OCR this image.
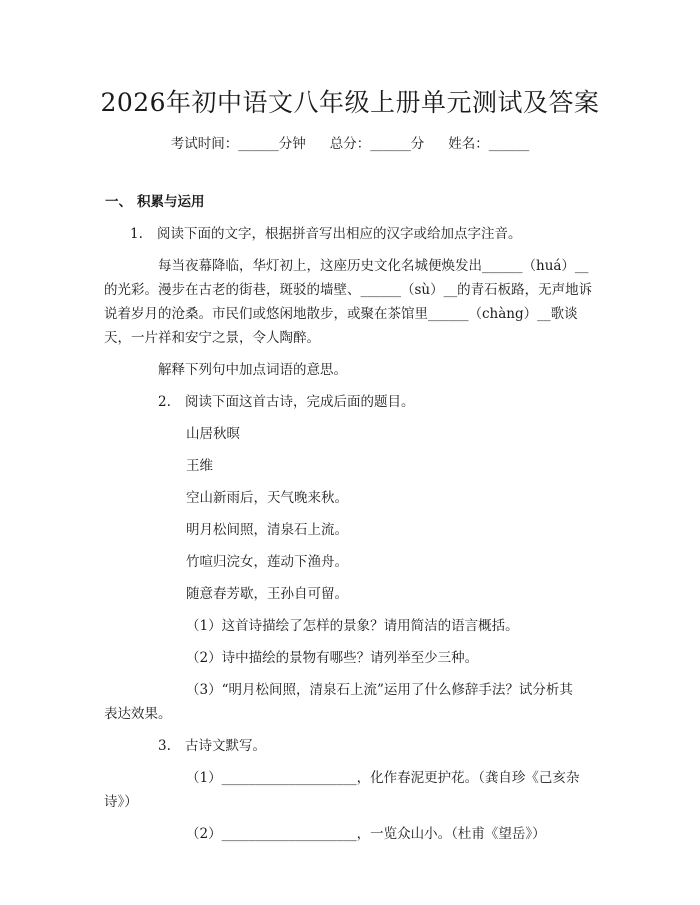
2026年初中语文八年级上册单元测试及答案
考试时间：______分钟 总分：______分 姓名：______
一、 积累与运用
1. 阅读下面的文字，根据拼音写出相应的汉字或给加点字注音。
每当夜幕降临，华灯初上，这座历史文化名城便焕发出______（huá）__
的光彩。漫步在古老的街巷，斑驳的墙壁、______（sù）__的青石板路，无声地诉
说着岁月的沧桑。市民们或悠闲地散步，或聚在茶馆里______（chàng）__歌谈
天，一片祥和安宁之景，令人陶醉。
解释下列句中加点词语的意思。
2. 阅读下面这首古诗，完成后面的题目。
山居秋暝
王维
空山新雨后，天气晚来秋。
明月松间照，清泉石上流。
竹喧归浣女，莲动下渔舟。
随意春芳歇，王孙自可留。
（1）这首诗描绘了怎样的景象？请用简洁的语言概括。
（2）诗中描绘的景物有哪些？请列举至少三种。
（3）“明月松间照，清泉石上流”运用了什么修辞手法？试分析其
表达效果。
3. 古诗文默写。
（1）____________________，化作春泥更护花。（龚自珍《己亥杂
诗》）
（2）____________________，一览众山小。（杜甫《望岳》）
